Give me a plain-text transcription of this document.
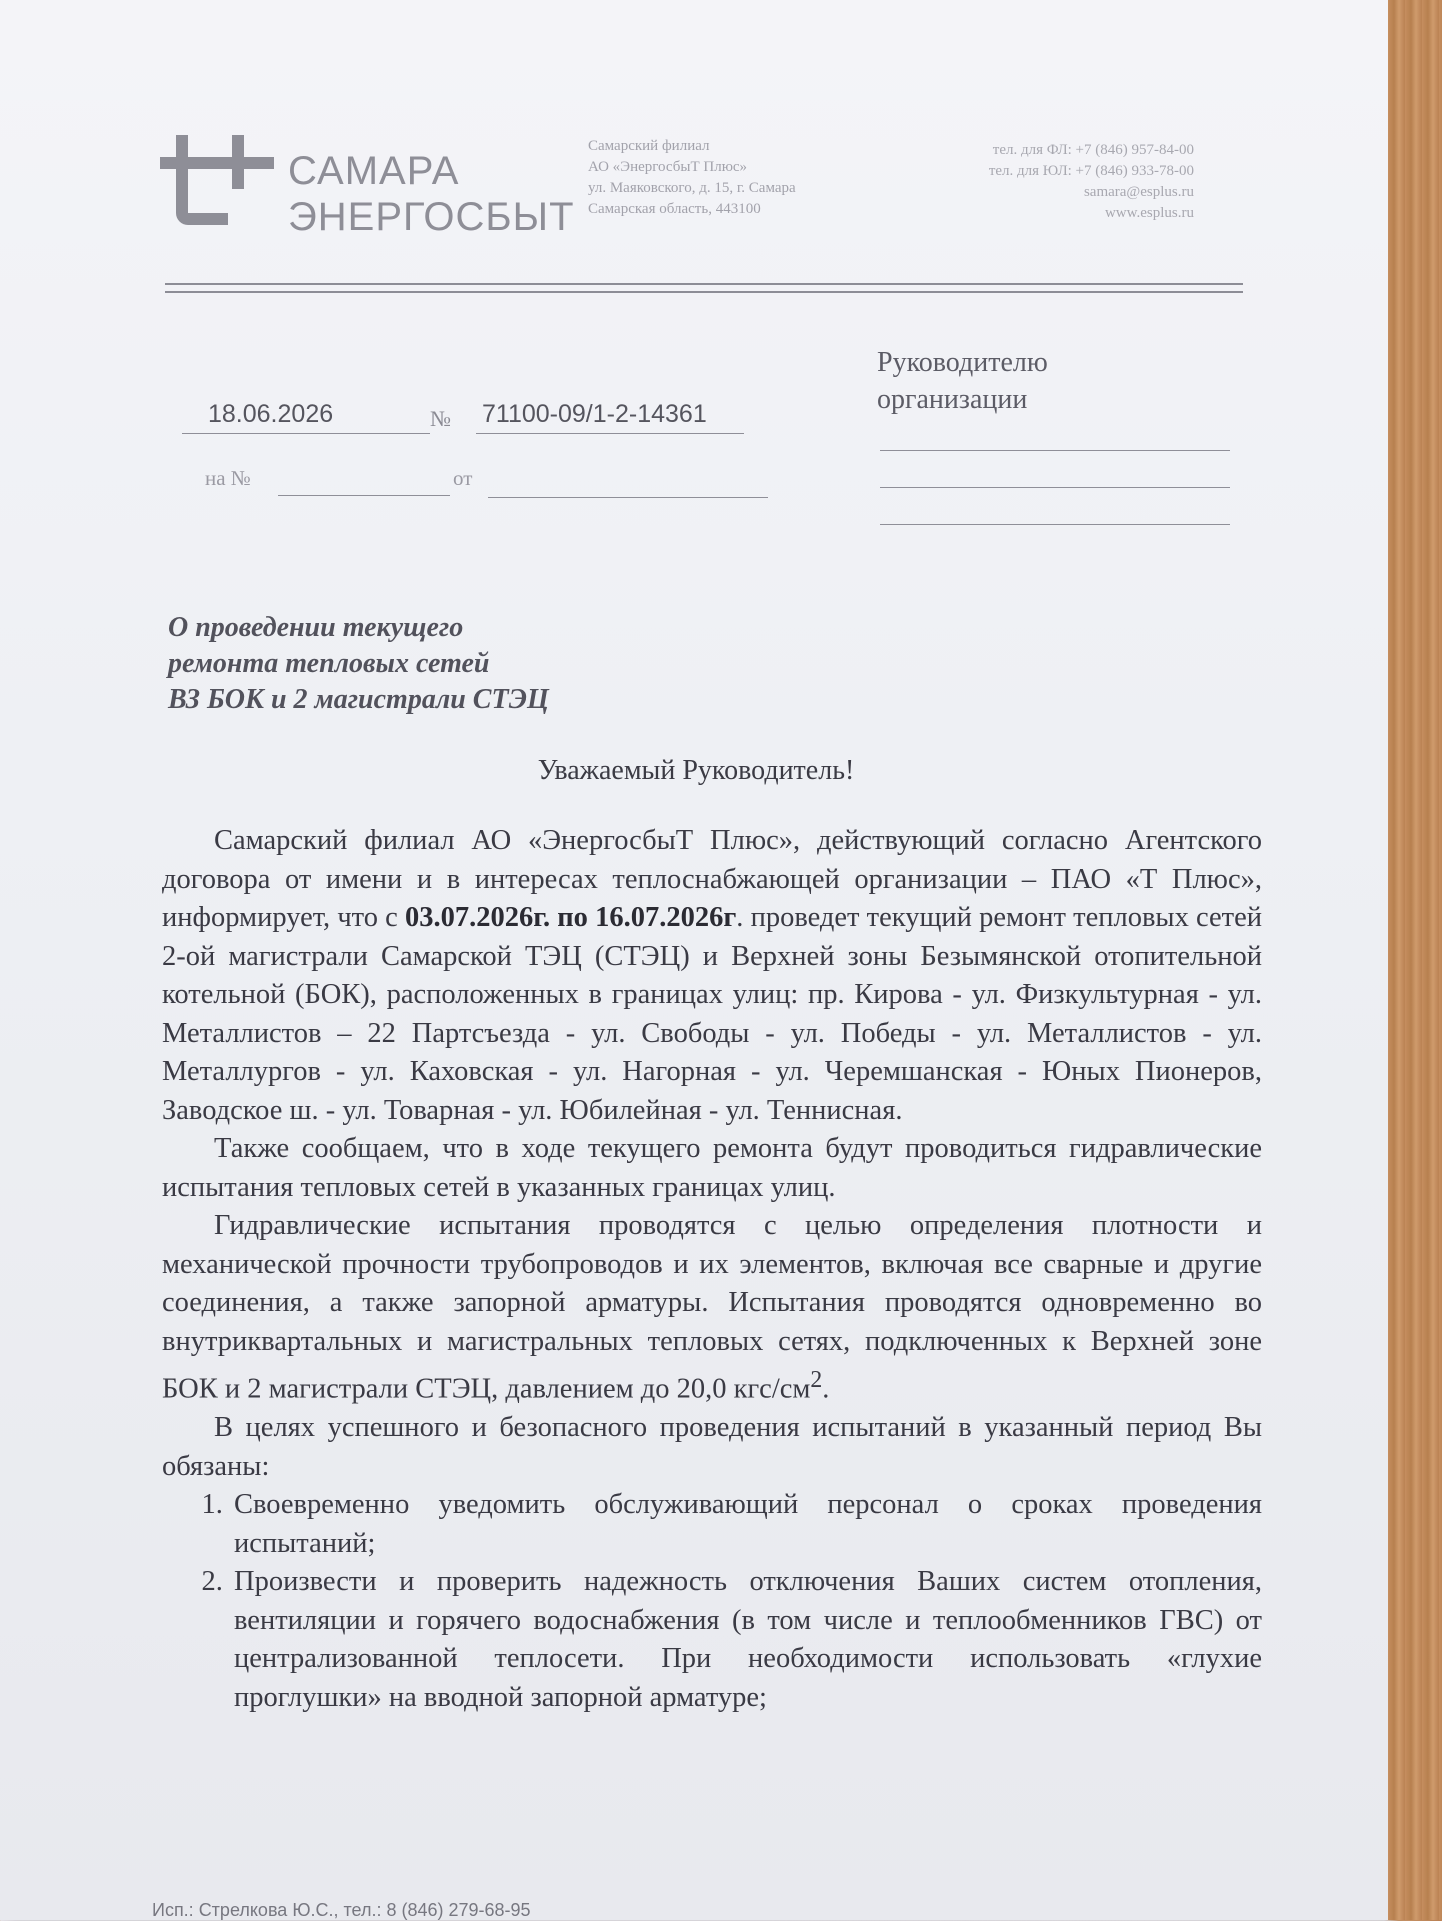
САМАРА
ЭНЕРГОСБЫТ
Самарский филиал
АО «ЭнергосбыТ Плюс»
ул. Маяковского, д. 15, г. Самара
Самарская область, 443100
тел. для ФЛ: +7 (846) 957-84-00
тел. для ЮЛ: +7 (846) 933-78-00
samara@esplus.ru
www.esplus.ru
18.06.2026	№ 71100-09/1-2-14361
на №	от
Руководителю
организации
О проведении текущего
ремонта тепловых сетей
ВЗ БОК и 2 магистрали СТЭЦ
Уважаемый Руководитель!

Самарский филиал АО «ЭнергосбыТ Плюс», действующий согласно Агентского договора от имени и в интересах теплоснабжающей организации – ПАО «Т Плюс», информирует, что с 03.07.2026г. по 16.07.2026г. проведет текущий ремонт тепловых сетей 2-ой магистрали Самарской ТЭЦ (СТЭЦ) и Верхней зоны Безымянской отопительной котельной (БОК), расположенных в границах улиц: пр. Кирова - ул. Физкультурная - ул. Металлистов – 22 Партсъезда - ул. Свободы - ул. Победы - ул. Металлистов - ул. Металлургов - ул. Каховская - ул. Нагорная - ул. Черемшанская - Юных Пионеров, Заводское ш. - ул. Товарная - ул. Юбилейная - ул. Теннисная.

Также сообщаем, что в ходе текущего ремонта будут проводиться гидравлические испытания тепловых сетей в указанных границах улиц.

Гидравлические испытания проводятся с целью определения плотности и механической прочности трубопроводов и их элементов, включая все сварные и другие соединения, а также запорной арматуры. Испытания проводятся одновременно во внутриквартальных и магистральных тепловых сетях, подключенных к Верхней зоне БОК и 2 магистрали СТЭЦ, давлением до 20,0 кгс/$см^2$.

В целях успешного и безопасного проведения испытаний в указанный период Вы обязаны:

1. Своевременно уведомить обслуживающий персонал о сроках проведения испытаний;
2. Произвести и проверить надежность отключения Ваших систем отопления, вентиляции и горячего водоснабжения (в том числе и теплообменников ГВС) от централизованной теплосети. При необходимости использовать «глухие проглушки» на вводной запорной арматуре;
Исп.: Стрелкова Ю.С., тел.: 8 (846) 279-68-95
